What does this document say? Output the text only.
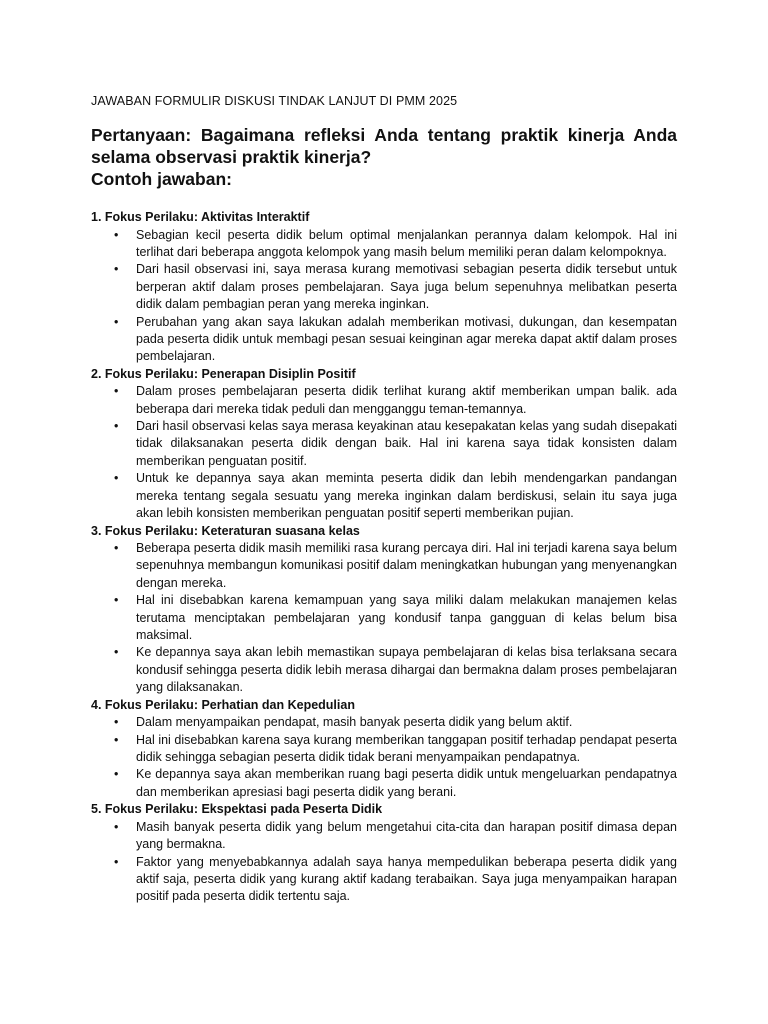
JAWABAN FORMULIR DISKUSI TINDAK LANJUT DI PMM 2025

Pertanyaan: Bagaimana refleksi Anda tentang praktik kinerja Anda selama observasi praktik kinerja?

Contoh jawaban:

1. Fokus Perilaku: Aktivitas Interaktif

• Sebagian kecil peserta didik belum optimal menjalankan perannya dalam kelompok. Hal ini terlihat dari beberapa anggota kelompok yang masih belum memiliki peran dalam kelompoknya.
• Dari hasil observasi ini, saya merasa kurang memotivasi sebagian peserta didik tersebut untuk berperan aktif dalam proses pembelajaran. Saya juga belum sepenuhnya melibatkan peserta didik dalam pembagian peran yang mereka inginkan.
• Perubahan yang akan saya lakukan adalah memberikan motivasi, dukungan, dan kesempatan pada peserta didik untuk membagi pesan sesuai keinginan agar mereka dapat aktif dalam proses pembelajaran.

2. Fokus Perilaku: Penerapan Disiplin Positif

• Dalam proses pembelajaran peserta didik terlihat kurang aktif memberikan umpan balik. ada beberapa dari mereka tidak peduli dan mengganggu teman-temannya.
• Dari hasil observasi kelas saya merasa keyakinan atau kesepakatan kelas yang sudah disepakati tidak dilaksanakan peserta didik dengan baik. Hal ini karena saya tidak konsisten dalam memberikan penguatan positif.
• Untuk ke depannya saya akan meminta peserta didik dan lebih mendengarkan pandangan mereka tentang segala sesuatu yang mereka inginkan dalam berdiskusi, selain itu saya juga akan lebih konsisten memberikan penguatan positif seperti memberikan pujian.

3. Fokus Perilaku: Keteraturan suasana kelas

• Beberapa peserta didik masih memiliki rasa kurang percaya diri. Hal ini terjadi karena saya belum sepenuhnya membangun komunikasi positif dalam meningkatkan hubungan yang menyenangkan dengan mereka.
• Hal ini disebabkan karena kemampuan yang saya miliki dalam melakukan manajemen kelas terutama menciptakan pembelajaran yang kondusif tanpa gangguan di kelas belum bisa maksimal.
• Ke depannya saya akan lebih memastikan supaya pembelajaran di kelas bisa terlaksana secara kondusif sehingga peserta didik lebih merasa dihargai dan bermakna dalam proses pembelajaran yang dilaksanakan.

4. Fokus Perilaku: Perhatian dan Kepedulian

• Dalam menyampaikan pendapat, masih banyak peserta didik yang belum aktif.
• Hal ini disebabkan karena saya kurang memberikan tanggapan positif terhadap pendapat peserta didik sehingga sebagian peserta didik tidak berani menyampaikan pendapatnya.
• Ke depannya saya akan memberikan ruang bagi peserta didik untuk mengeluarkan pendapatnya dan memberikan apresiasi bagi peserta didik yang berani.

5. Fokus Perilaku: Ekspektasi pada Peserta Didik

• Masih banyak peserta didik yang belum mengetahui cita-cita dan harapan positif dimasa depan yang bermakna.
• Faktor yang menyebabkannya adalah saya hanya mempedulikan beberapa peserta didik yang aktif saja, peserta didik yang kurang aktif kadang terabaikan. Saya juga menyampaikan harapan positif pada peserta didik tertentu saja.
